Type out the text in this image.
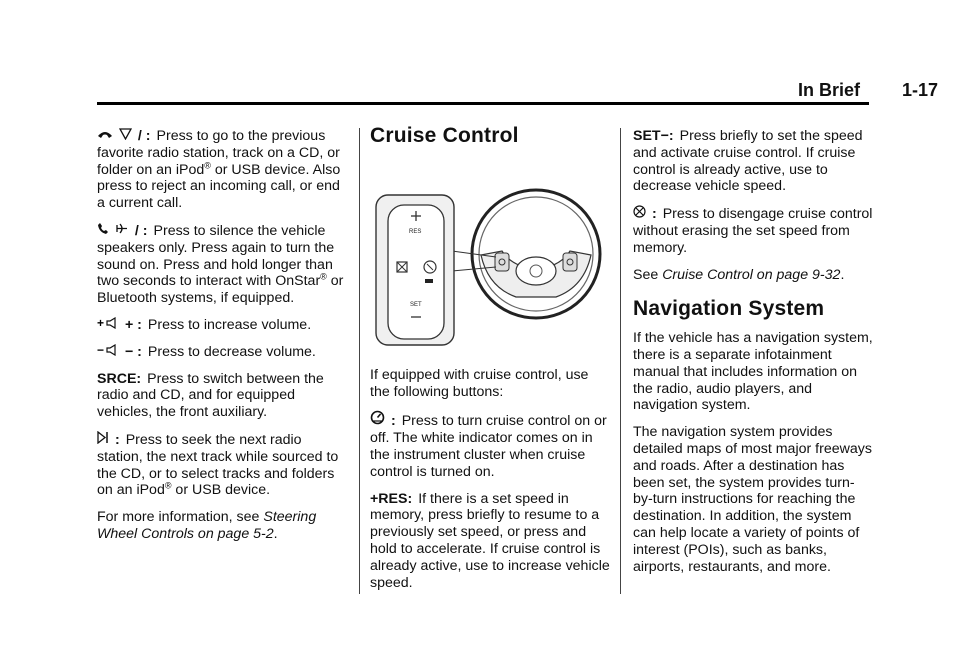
In Brief 1-17

/ : Press to go to the previous favorite radio station, track on a CD, or folder on an iPod® or USB device. Also press to reject an incoming call, or end a current call.

/ : Press to silence the vehicle speakers only. Press again to turn the sound on. Press and hold longer than two seconds to interact with OnStar® or Bluetooth systems, if equipped.

+ + : Press to increase volume.

− − : Press to decrease volume.

SRCE: Press to switch between the radio and CD, and for equipped vehicles, the front auxiliary.

: Press to seek the next radio station, the next track while sourced to the CD, or to select tracks and folders on an iPod® or USB device.

For more information, see Steering Wheel Controls on page 5‑2.

Cruise Control
RES
SET

If equipped with cruise control, use the following buttons:

: Press to turn cruise control on or off. The white indicator comes on in the instrument cluster when cruise control is turned on.

+RES: If there is a set speed in memory, press briefly to resume to a previously set speed, or press and hold to accelerate. If cruise control is already active, use to increase vehicle speed.

SET−: Press briefly to set the speed and activate cruise control. If cruise control is already active, use to decrease vehicle speed.

: Press to disengage cruise control without erasing the set speed from memory.

See Cruise Control on page 9‑32.

Navigation System

If the vehicle has a navigation system, there is a separate infotainment manual that includes information on the radio, audio players, and navigation system.

The navigation system provides detailed maps of most major freeways and roads. After a destination has been set, the system provides turn-by-turn instructions for reaching the destination. In addition, the system can help locate a variety of points of interest (POIs), such as banks, airports, restaurants, and more.
